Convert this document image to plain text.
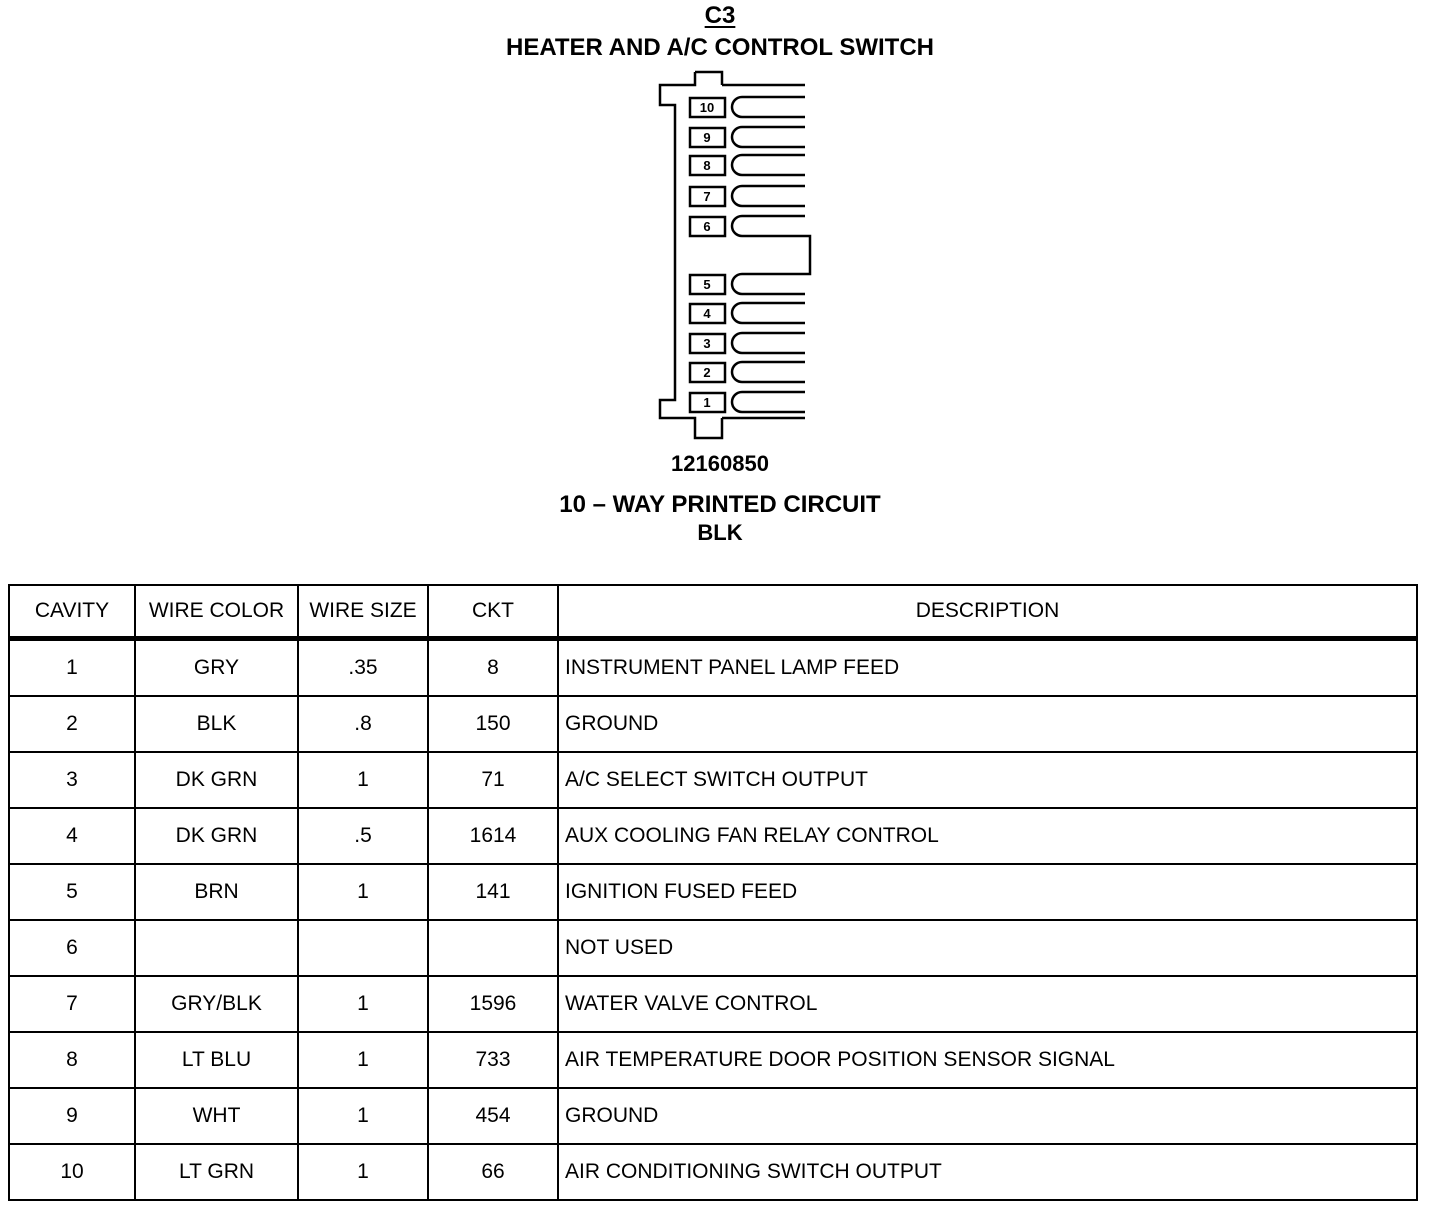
C3
HEATER AND A/C CONTROL SWITCH
10
9
8
7
6
5
4
3
2
1
12160850
10 – WAY PRINTED CIRCUIT
BLK
CAVITY	WIRE COLOR	WIRE SIZE	CKT	DESCRIPTION
1	GRY	.35	8	INSTRUMENT PANEL LAMP FEED
2	BLK	.8	150	GROUND
3	DK GRN	1	71	A/C SELECT SWITCH OUTPUT
4	DK GRN	.5	1614	AUX COOLING FAN RELAY CONTROL
5	BRN	1	141	IGNITION FUSED FEED
6				NOT USED
7	GRY/BLK	1	1596	WATER VALVE CONTROL
8	LT BLU	1	733	AIR TEMPERATURE DOOR POSITION SENSOR SIGNAL
9	WHT	1	454	GROUND
10	LT GRN	1	66	AIR CONDITIONING SWITCH OUTPUT
